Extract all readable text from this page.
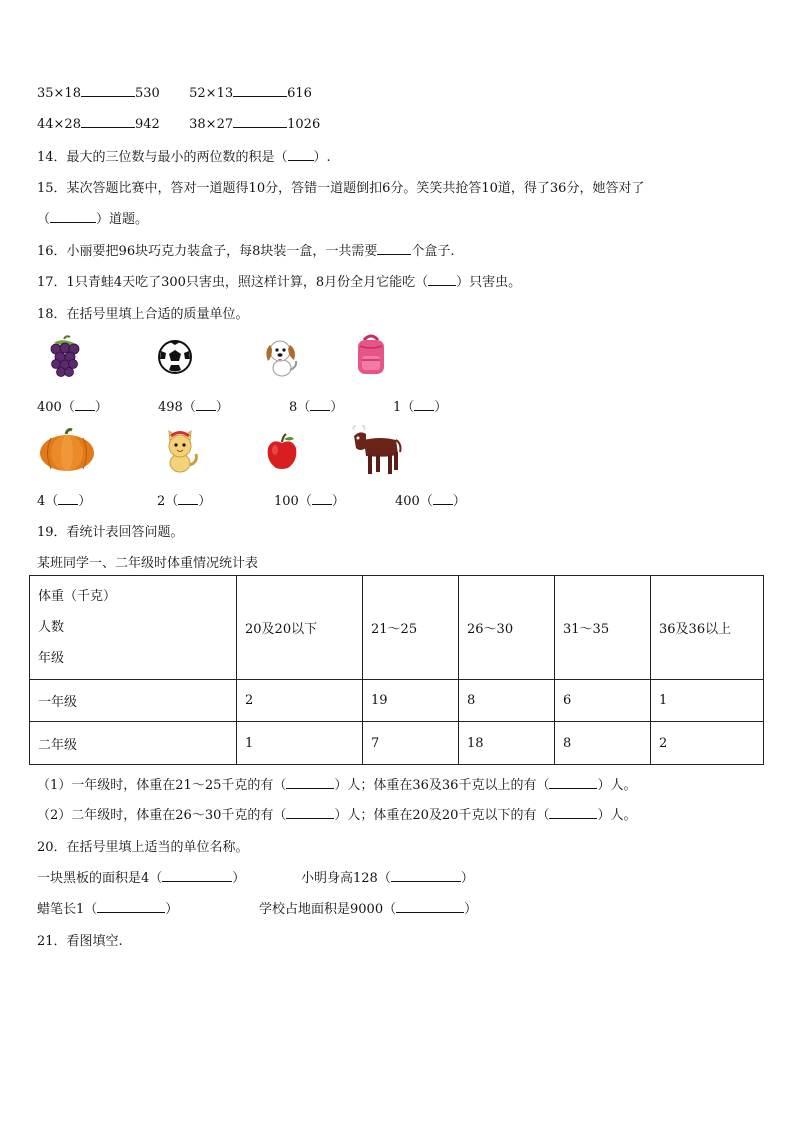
35×18	530 52×13	616
44×28	942 38×27	1026
14．最大的三位数与最小的两位数的积是（ ）.
15．某次答题比赛中，答对一道题得10分，答错一道题倒扣6分。笑笑共抢答10道，得了36分，她答对了
（	）道题。
16．小丽要把96块巧克力装盒子，每8块装一盒，一共需要	个盒子.
17．1只青蛙4天吃了300只害虫，照这样计算，8月份全月它能吃（ ）只害虫。
18．在括号里填上合适的质量单位。
400（ ）	498（ ）	8（ ）	1（ ）
4（ ）	2（ ）	100（ ）	400（ ）
19．看统计表回答问题。
某班同学一、二年级时体重情况统计表
体重（千克）
人数
年级	20及20以下	21～25	26～30	31～35	36及36以上
一年级	2	19	8	6	1
二年级	1	7	18	8	2
（1）一年级时，体重在21～25千克的有（	）人；体重在36及36千克以上的有（	）人。
（2）二年级时，体重在26～30千克的有（	）人；体重在20及20千克以下的有（	）人。
20．在括号里填上适当的单位名称。
一块黑板的面积是4（	）	小明身高128（	）
蜡笔长1（	）	学校占地面积是9000（	）
21．看图填空.
